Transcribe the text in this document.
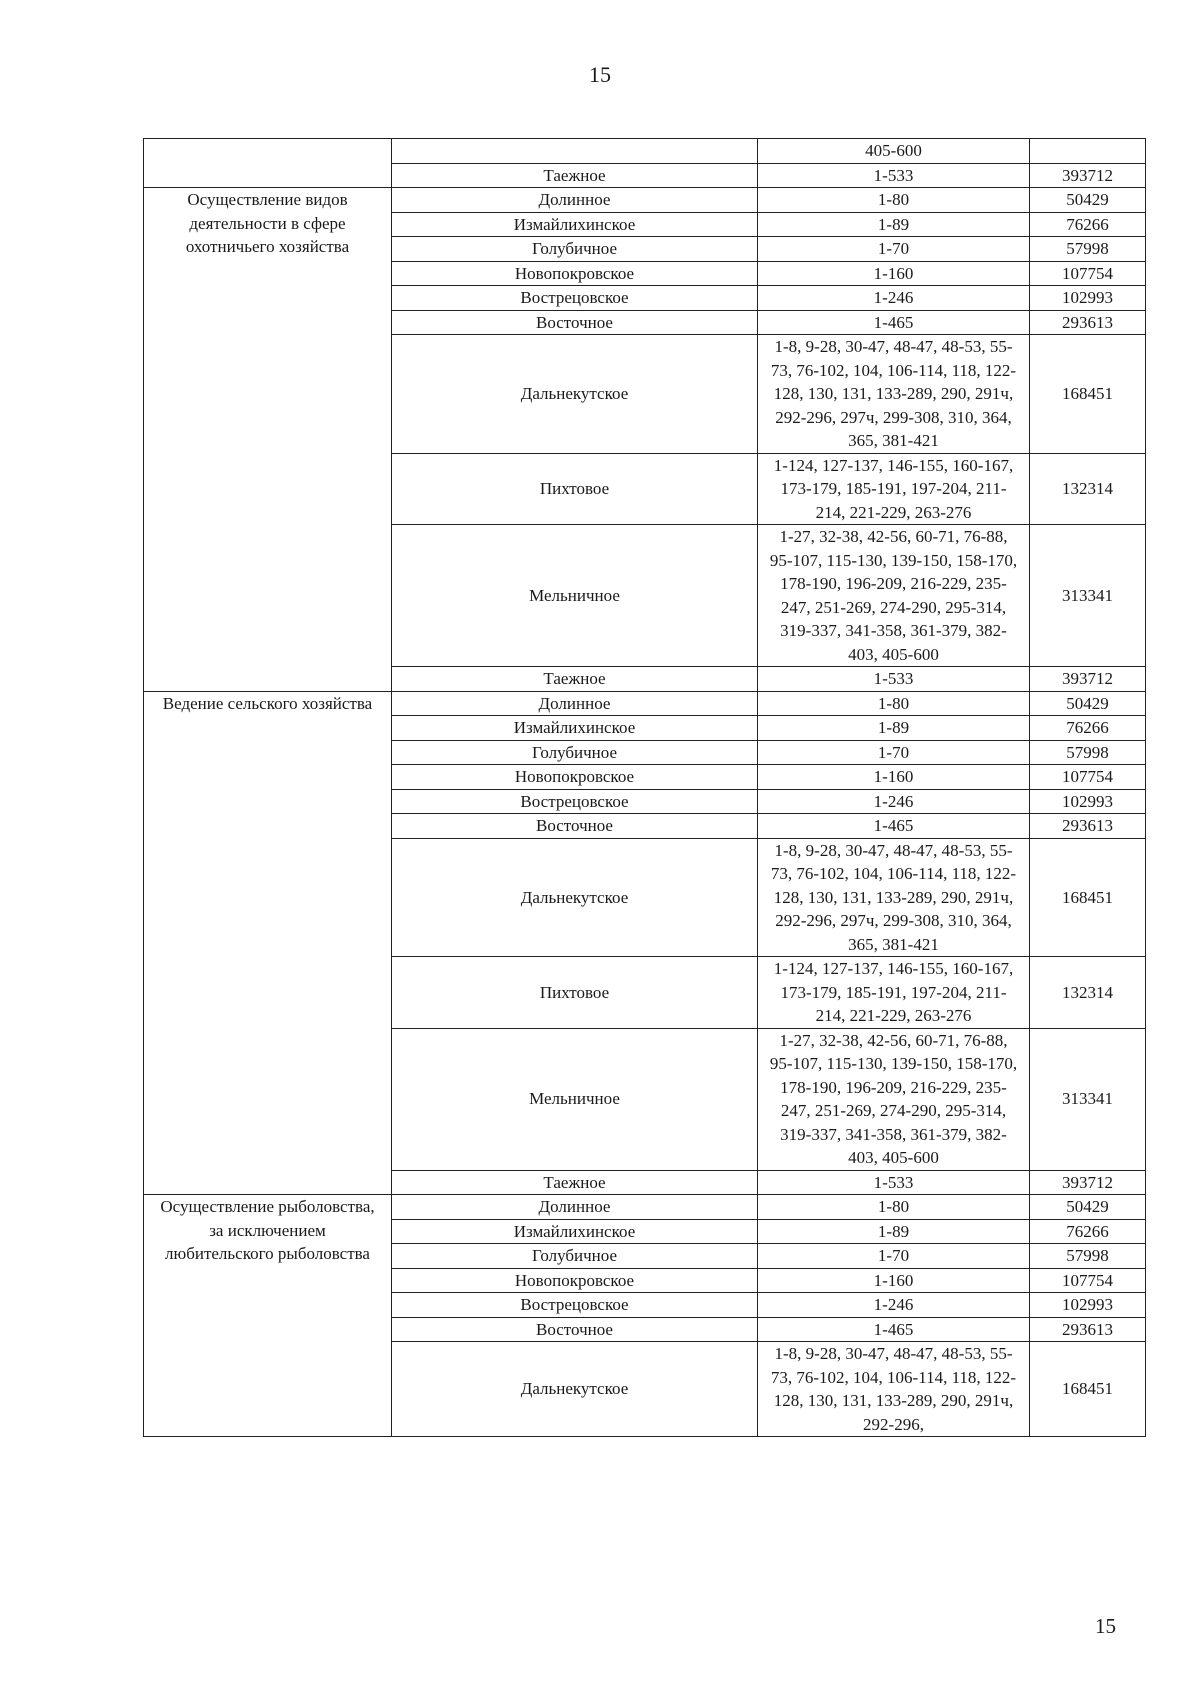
15
		405-600	
	Таежное	1-533	393712
Осуществление видов деятельности в сфере охотничьего хозяйства	Долинное	1-80	50429
	Измайлихинское	1-89	76266
	Голубичное	1-70	57998
	Новопокровское	1-160	107754
	Вострецовское	1-246	102993
	Восточное	1-465	293613
	Дальнекутское	1-8, 9-28, 30-47, 48-47, 48-53, 55-73, 76-102, 104, 106-114, 118, 122-128, 130, 131, 133-289, 290, 291ч, 292-296, 297ч, 299-308, 310, 364, 365, 381-421	168451
	Пихтовое	1-124, 127-137, 146-155, 160-167, 173-179, 185-191, 197-204, 211-214, 221-229, 263-276	132314
	Мельничное	1-27, 32-38, 42-56, 60-71, 76-88, 95-107, 115-130, 139-150, 158-170, 178-190, 196-209, 216-229, 235-247, 251-269, 274-290, 295-314, 319-337, 341-358, 361-379, 382-403, 405-600	313341
	Таежное	1-533	393712
Ведение сельского хозяйства	Долинное	1-80	50429
	Измайлихинское	1-89	76266
	Голубичное	1-70	57998
	Новопокровское	1-160	107754
	Вострецовское	1-246	102993
	Восточное	1-465	293613
	Дальнекутское	1-8, 9-28, 30-47, 48-47, 48-53, 55-73, 76-102, 104, 106-114, 118, 122-128, 130, 131, 133-289, 290, 291ч, 292-296, 297ч, 299-308, 310, 364, 365, 381-421	168451
	Пихтовое	1-124, 127-137, 146-155, 160-167, 173-179, 185-191, 197-204, 211-214, 221-229, 263-276	132314
	Мельничное	1-27, 32-38, 42-56, 60-71, 76-88, 95-107, 115-130, 139-150, 158-170, 178-190, 196-209, 216-229, 235-247, 251-269, 274-290, 295-314, 319-337, 341-358, 361-379, 382-403, 405-600	313341
	Таежное	1-533	393712
Осуществление рыболовства, за исключением любительского рыболовства	Долинное	1-80	50429
	Измайлихинское	1-89	76266
	Голубичное	1-70	57998
	Новопокровское	1-160	107754
	Вострецовское	1-246	102993
	Восточное	1-465	293613
	Дальнекутское	1-8, 9-28, 30-47, 48-47, 48-53, 55-73, 76-102, 104, 106-114, 118, 122-128, 130, 131, 133-289, 290, 291ч, 292-296,	168451
15
